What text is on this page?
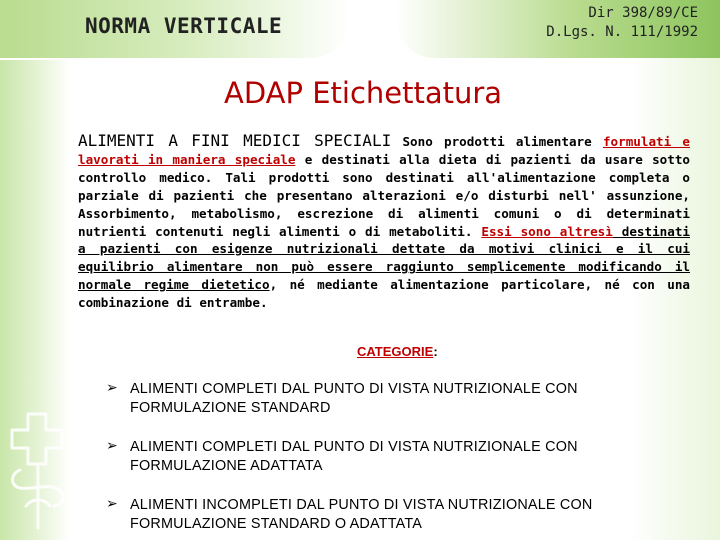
NORMA VERTICALE
Dir 398/89/CE
D.Lgs. N. 111/1992
ADAP Etichettatura
ALIMENTI A FINI MEDICI SPECIALI Sono prodotti alimentare formulati e lavorati in maniera speciale e destinati alla dieta di pazienti da usare sotto controllo medico. Tali prodotti sono destinati all'alimentazione completa o parziale di pazienti che presentano alterazioni e/o disturbi nell' assunzione, Assorbimento, metabolismo, escrezione di alimenti comuni o di determinati nutrienti contenuti negli alimenti o di metaboliti. Essi sono altresì destinati a pazienti con esigenze nutrizionali dettate da motivi clinici e il cui equilibrio alimentare non può essere raggiunto semplicemente modificando il normale regime dietetico, né mediante alimentazione particolare, né con una combinazione di entrambe.
CATEGORIE:
➢ ALIMENTI COMPLETI DAL PUNTO DI VISTA NUTRIZIONALE CON
FORMULAZIONE STANDARD
➢ ALIMENTI COMPLETI DAL PUNTO DI VISTA NUTRIZIONALE CON
FORMULAZIONE ADATTATA
➢ ALIMENTI INCOMPLETI DAL PUNTO DI VISTA NUTRIZIONALE CON
FORMULAZIONE STANDARD O ADATTATA
